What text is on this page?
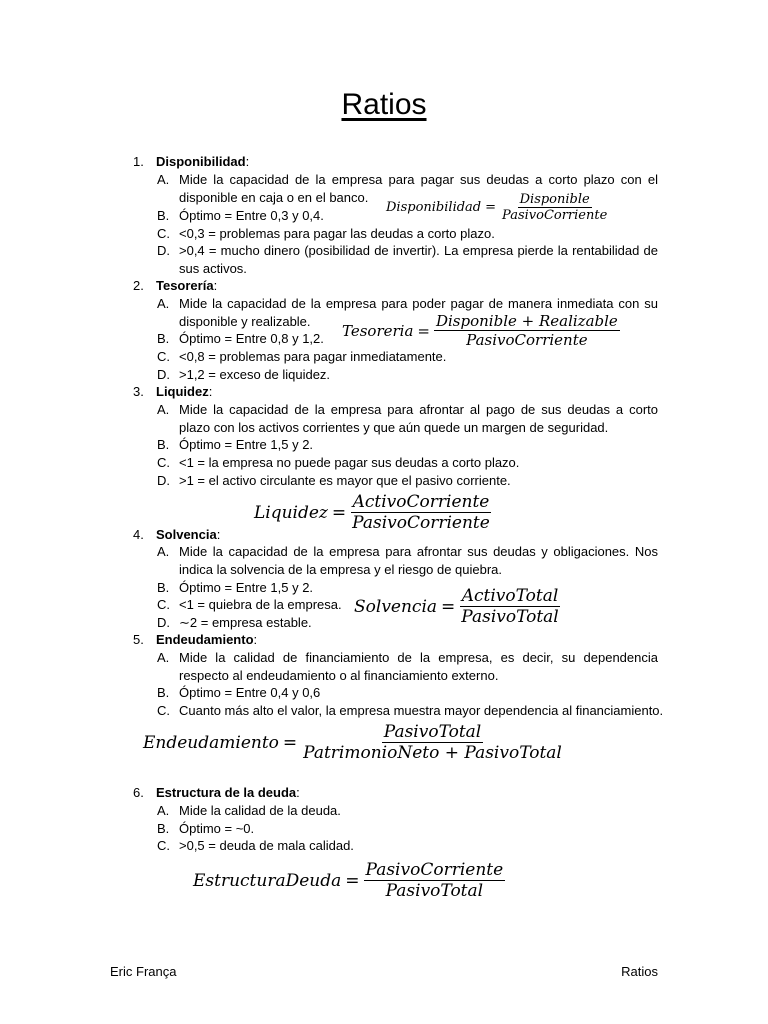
Ratios
1. Disponibilidad:
A. Mide la capacidad de la empresa para pagar sus deudas a corto plazo con el disponible en caja o en el banco.
B. Óptimo = Entre 0,3 y 0,4.
C. <0,3 = problemas para pagar las deudas a corto plazo.
D. >0,4 = mucho dinero (posibilidad de invertir). La empresa pierde la rentabilidad de sus activos.
Disponibilidad = $\frac{\text{Disponible}}{\text{PasivoCorriente}}$
2. Tesorería:
A. Mide la capacidad de la empresa para poder pagar de manera inmediata con su disponible y realizable.
B. Óptimo = Entre 0,8 y 1,2.
C. <0,8 = problemas para pagar inmediatamente.
D. >1,2 = exceso de liquidez.
Tesoreria = $\frac{\text{Disponible + Realizable}}{\text{PasivoCorriente}}$
3. Liquidez:
A. Mide la capacidad de la empresa para afrontar al pago de sus deudas a corto plazo con los activos corrientes y que aún quede un margen de seguridad.
B. Óptimo = Entre 1,5 y 2.
C. <1 = la empresa no puede pagar sus deudas a corto plazo.
D. >1 = el activo circulante es mayor que el pasivo corriente.
Liquidez = $\frac{\text{ActivoCorriente}}{\text{PasivoCorriente}}$
4. Solvencia:
A. Mide la capacidad de la empresa para afrontar sus deudas y obligaciones. Nos indica la solvencia de la empresa y el riesgo de quiebra.
B. Óptimo = Entre 1,5 y 2.
C. <1 = quiebra de la empresa.
D. ∼2 = empresa estable.
Solvencia = $\frac{\text{ActivoTotal}}{\text{PasivoTotal}}$
5. Endeudamiento:
A. Mide la calidad de financiamiento de la empresa, es decir, su dependencia respecto al endeudamiento o al financiamiento externo.
B. Óptimo = Entre 0,4 y 0,6
C. Cuanto más alto el valor, la empresa muestra mayor dependencia al financiamiento.
Endeudamiento = $\frac{\text{PasivoTotal}}{\text{PatrimonioNeto + PasivoTotal}}$
6. Estructura de la deuda:
A. Mide la calidad de la deuda.
B. Óptimo = ~0.
C. >0,5 = deuda de mala calidad.
EstructuraDeuda = $\frac{\text{PasivoCorriente}}{\text{PasivoTotal}}$
Eric França	Ratios
